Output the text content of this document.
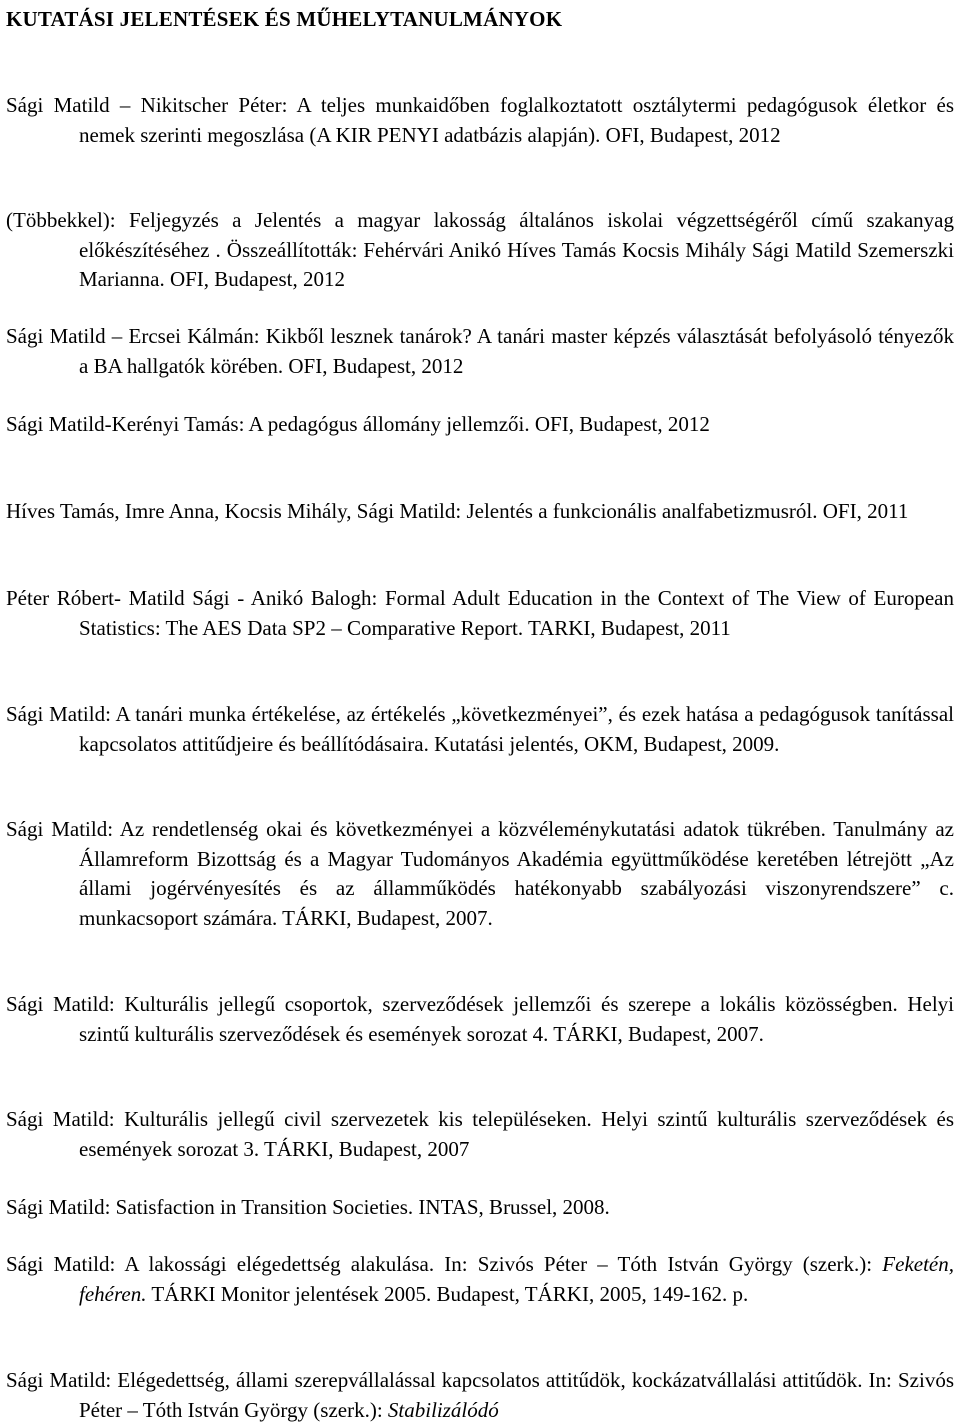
KUTATÁSI JELENTÉSEK ÉS MŰHELYTANULMÁNYOK
Sági Matild – Nikitscher Péter: A teljes munkaidőben foglalkoztatott osztálytermi pedagógusok életkor és nemek szerinti megoszlása (A KIR PENYI adatbázis alapján). OFI, Budapest, 2012
(Többekkel): Feljegyzés a Jelentés a magyar lakosság általános iskolai végzettségéről című szakanyag előkészítéséhez . Összeállították: Fehérvári Anikó Híves Tamás Kocsis Mihály Sági Matild Szemerszki Marianna. OFI, Budapest, 2012
Sági Matild – Ercsei Kálmán: Kikből lesznek tanárok? A tanári master képzés választását befolyásoló tényezők a BA hallgatók körében. OFI, Budapest, 2012
Sági Matild-Kerényi Tamás: A pedagógus állomány jellemzői. OFI, Budapest, 2012
Híves Tamás, Imre Anna, Kocsis Mihály, Sági Matild: Jelentés a funkcionális analfabetizmusról. OFI, 2011
Péter Róbert- Matild Sági - Anikó Balogh: Formal Adult Education in the Context of The View of European Statistics: The AES Data SP2 – Comparative Report. TARKI, Budapest, 2011
Sági Matild: A tanári munka értékelése, az értékelés „következményei”, és ezek hatása a pedagógusok tanítással kapcsolatos attitűdjeire és beállítódásaira. Kutatási jelentés, OKM, Budapest, 2009.
Sági Matild: Az rendetlenség okai és következményei a közvéleménykutatási adatok tükrében. Tanulmány az Államreform Bizottság és a Magyar Tudományos Akadémia együttműködése keretében létrejött „Az állami jogérvényesítés és az államműködés hatékonyabb szabályozási viszonyrendszere” c. munkacsoport számára. TÁRKI, Budapest, 2007.
Sági Matild: Kulturális jellegű csoportok, szerveződések jellemzői és szerepe a lokális közösségben. Helyi szintű kulturális szerveződések és események sorozat 4. TÁRKI, Budapest, 2007.
Sági Matild: Kulturális jellegű civil szervezetek kis településeken. Helyi szintű kulturális szerveződések és események sorozat 3. TÁRKI, Budapest, 2007
Sági Matild: Satisfaction in Transition Societies. INTAS, Brussel, 2008.
Sági Matild: A lakossági elégedettség alakulása. In: Szivós Péter – Tóth István György (szerk.): Feketén, fehéren. TÁRKI Monitor jelentések 2005. Budapest, TÁRKI, 2005, 149-162. p.
Sági Matild: Elégedettség, állami szerepvállalással kapcsolatos attitűdök, kockázatvállalási attitűdök. In: Szivós Péter – Tóth István György (szerk.): Stabilizálódó
